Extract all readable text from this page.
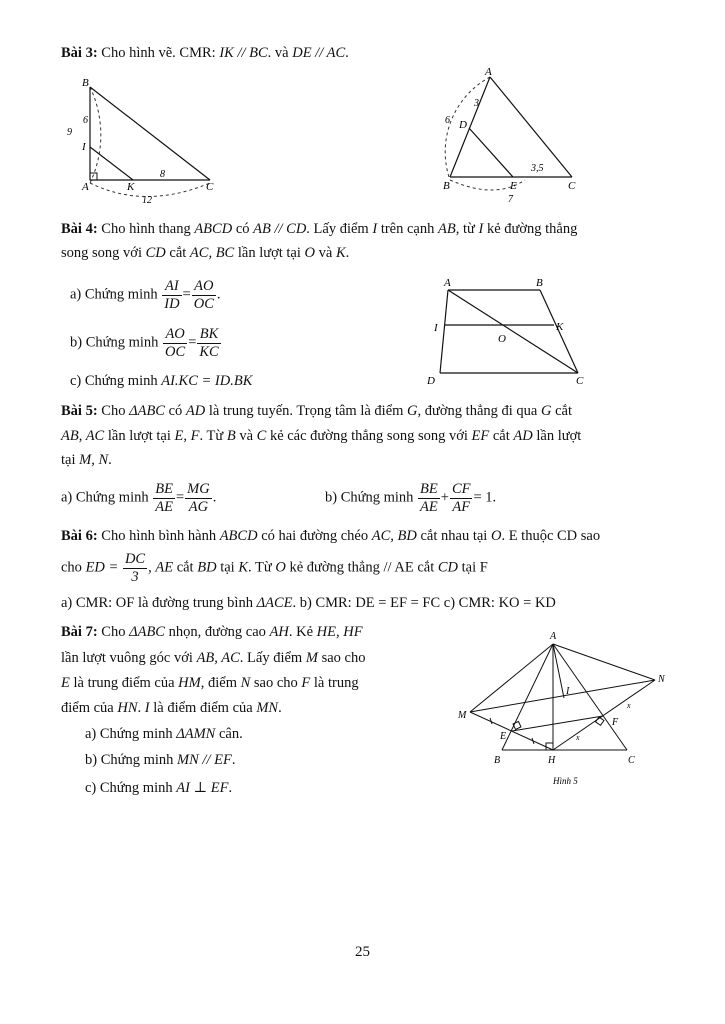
Bài 3: Cho hình vẽ. CMR: IK // BC. và DE // AC.
B
I
A	K	C
6
9
8
12
A
D
B	E	C
3
6
3,5
7
Bài 4: Cho hình thang ABCD có AB // CD. Lấy điểm I trên cạnh AB, từ I kẻ đường thẳng
song song với CD cắt AC, BC lần lượt tại O và K.
a) Chứng minh $\frac{AI}{ID} = \frac{AO}{OC}$ .
b) Chứng minh $\frac{AO}{OC} = \frac{BK}{KC}$
c) Chứng minh AI.KC = ID.BK
A	B
I	K
O
D	C
Bài 5: Cho ΔABC có AD là trung tuyến. Trọng tâm là điểm G, đường thẳng đi qua G cắt
AB, AC lần lượt tại E, F. Từ B và C kẻ các đường thẳng song song với EF cắt AD lần lượt
tại M, N.
a) Chứng minh $\frac{BE}{AE} = \frac{MG}{AG}$ .	b) Chứng minh $\frac{BE}{AE} + \frac{CF}{AF} = 1$.
Bài 6: Cho hình bình hành ABCD có hai đường chéo AC, BD cắt nhau tại O. E thuộc CD sao
cho ED = $\frac{DC}{3}$ , AE cắt BD tại K. Từ O kẻ đường thẳng // AE cắt CD tại F
a) CMR: OF là đường trung bình ΔACE. b) CMR: DE = EF = FC c) CMR: KO = KD
Bài 7: Cho ΔABC nhọn, đường cao AH. Kẻ HE, HF
lần lượt vuông góc với AB, AC. Lấy điểm M sao cho
E là trung điểm của HM, điểm N sao cho F là trung
điểm của HN. I là điểm điểm của MN.
a) Chứng minh ΔAMN cân.
b) Chứng minh MN // EF.
c) Chứng minh AI ⊥ EF.
x
x
A
N
I
M
F
E
B	H	C
Hình 5
25
